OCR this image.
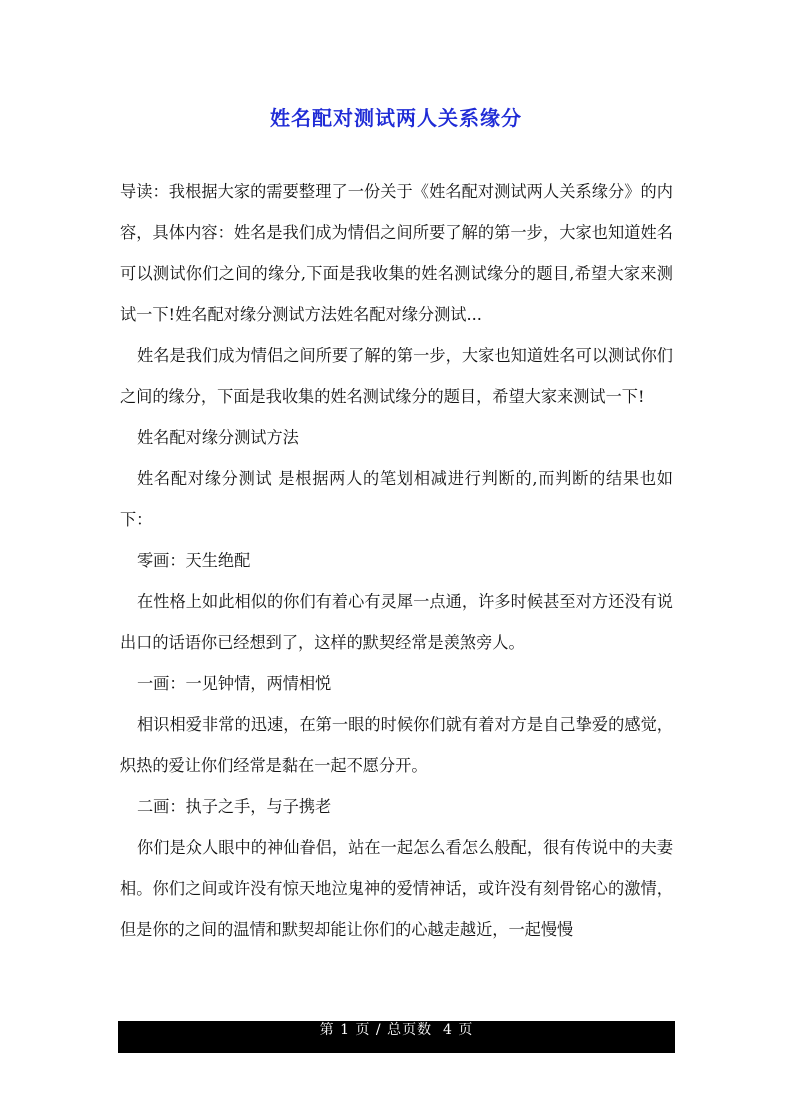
姓名配对测试两人关系缘分

导读：我根据大家的需要整理了一份关于《姓名配对测试两人关系缘分》的内容，具体内容：姓名是我们成为情侣之间所要了解的第一步，大家也知道姓名可以测试你们之间的缘分,下面是我收集的姓名测试缘分的题目,希望大家来测试一下!姓名配对缘分测试方法姓名配对缘分测试...

姓名是我们成为情侣之间所要了解的第一步，大家也知道姓名可以测试你们之间的缘分，下面是我收集的姓名测试缘分的题目，希望大家来测试一下!

姓名配对缘分测试方法

姓名配对缘分测试 是根据两人的笔划相减进行判断的,而判断的结果也如下：

零画：天生绝配

在性格上如此相似的你们有着心有灵犀一点通，许多时候甚至对方还没有说出口的话语你已经想到了，这样的默契经常是羡煞旁人。

一画：一见钟情，两情相悦

相识相爱非常的迅速，在第一眼的时候你们就有着对方是自己挚爱的感觉，炽热的爱让你们经常是黏在一起不愿分开。

二画：执子之手，与子携老

你们是众人眼中的神仙眷侣，站在一起怎么看怎么般配，很有传说中的夫妻相。你们之间或许没有惊天地泣鬼神的爱情神话，或许没有刻骨铭心的激情，但是你的之间的温情和默契却能让你们的心越走越近，一起慢慢

第 1 页 / 总页数  4 页
